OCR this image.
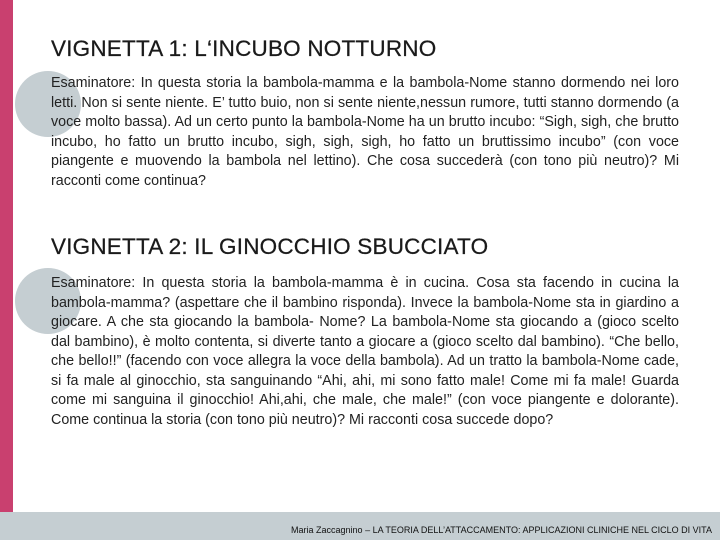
VIGNETTA 1: L‘INCUBO NOTTURNO

Esaminatore: In questa storia la bambola-mamma e la bambola-Nome stanno dormendo nei loro letti. Non si sente niente. E’ tutto buio, non si sente niente,nessun rumore, tutti stanno dormendo (a voce molto bassa). Ad un certo punto la bambola-Nome ha un brutto incubo: “Sigh, sigh, che brutto incubo, ho fatto un brutto incubo, sigh, sigh, sigh, ho fatto un bruttissimo incubo” (con voce piangente e muovendo la bambola nel lettino). Che cosa succederà (con tono più neutro)? Mi racconti come continua?

VIGNETTA 2: IL GINOCCHIO SBUCCIATO

Esaminatore: In questa storia la bambola-mamma è in cucina. Cosa sta facendo in cucina la bambola-mamma? (aspettare che il bambino risponda). Invece la bambola-Nome sta in giardino a giocare. A che sta giocando la bambola- Nome? La bambola-Nome sta giocando a (gioco scelto dal bambino), è molto contenta, si diverte tanto a giocare a (gioco scelto dal bambino). “Che bello, che bello!!” (facendo con voce allegra la voce della bambola). Ad un tratto la bambola-Nome cade, si fa male al ginocchio, sta sanguinando “Ahi, ahi, mi sono fatto male! Come mi fa male! Guarda come mi sanguina il ginocchio! Ahi,ahi, che male, che male!” (con voce piangente e dolorante). Come continua la storia (con tono più neutro)? Mi racconti cosa succede dopo?

Maria Zaccagnino – LA TEORIA DELL’ATTACCAMENTO: APPLICAZIONI CLINICHE NEL CICLO DI VITA
